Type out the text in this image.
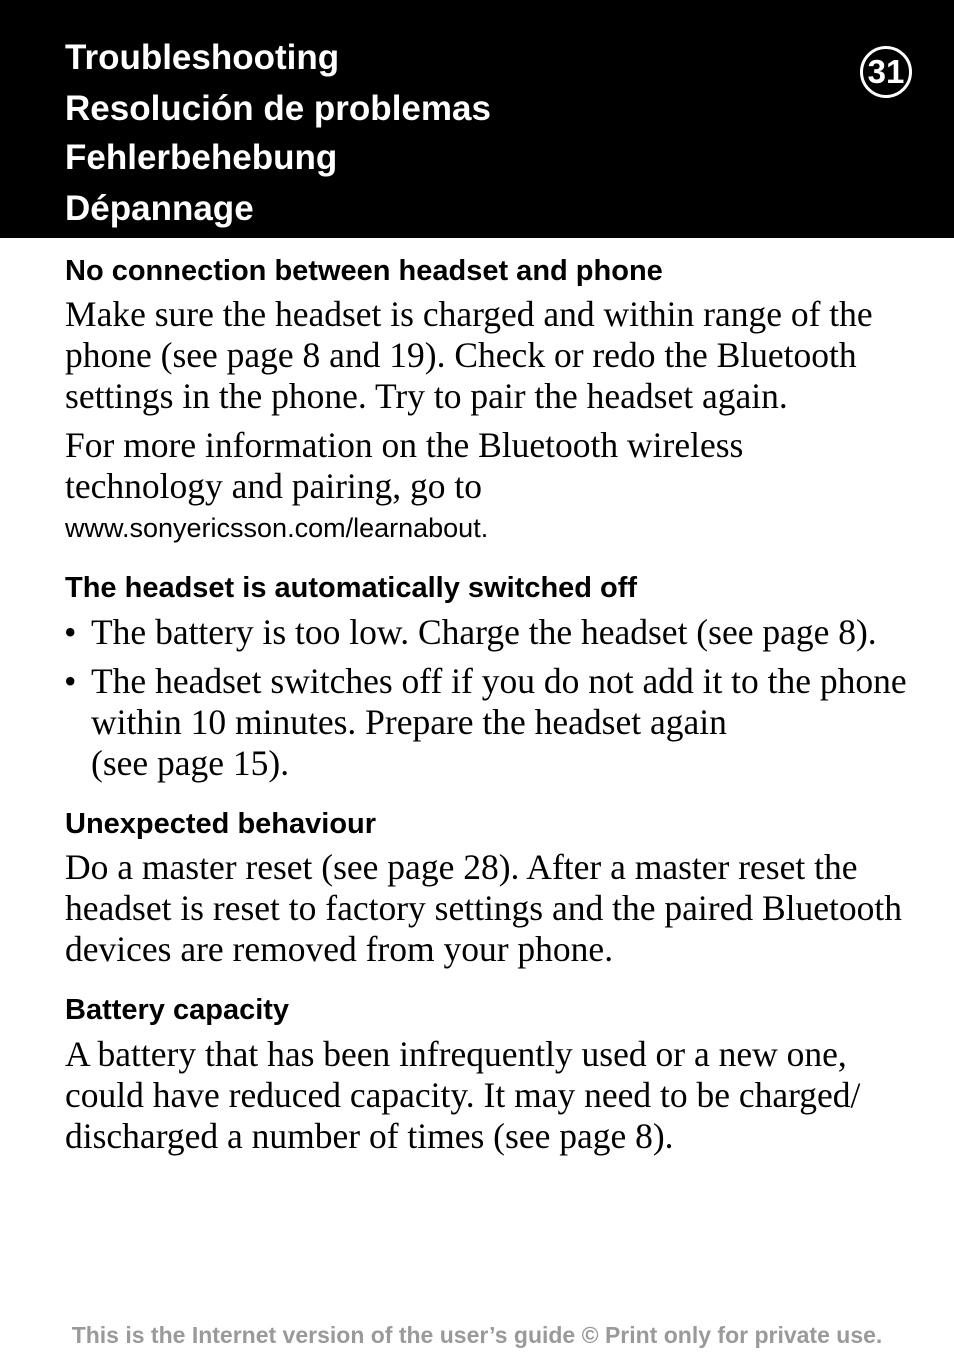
Troubleshooting
Resolución de problemas
Fehlerbehebung
Dépannage
31
No connection between headset and phone
Make sure the headset is charged and within range of the
phone (see page 8 and 19). Check or redo the Bluetooth
settings in the phone. Try to pair the headset again.
For more information on the Bluetooth wireless
technology and pairing, go to
www.sonyericsson.com/learnabout.
The headset is automatically switched off
• The battery is too low. Charge the headset (see page 8).
• The headset switches off if you do not add it to the phone
within 10 minutes. Prepare the headset again
(see page 15).
Unexpected behaviour
Do a master reset (see page 28). After a master reset the
headset is reset to factory settings and the paired Bluetooth
devices are removed from your phone.
Battery capacity
A battery that has been infrequently used or a new one,
could have reduced capacity. It may need to be charged/
discharged a number of times (see page 8).
This is the Internet version of the user’s guide © Print only for private use.
